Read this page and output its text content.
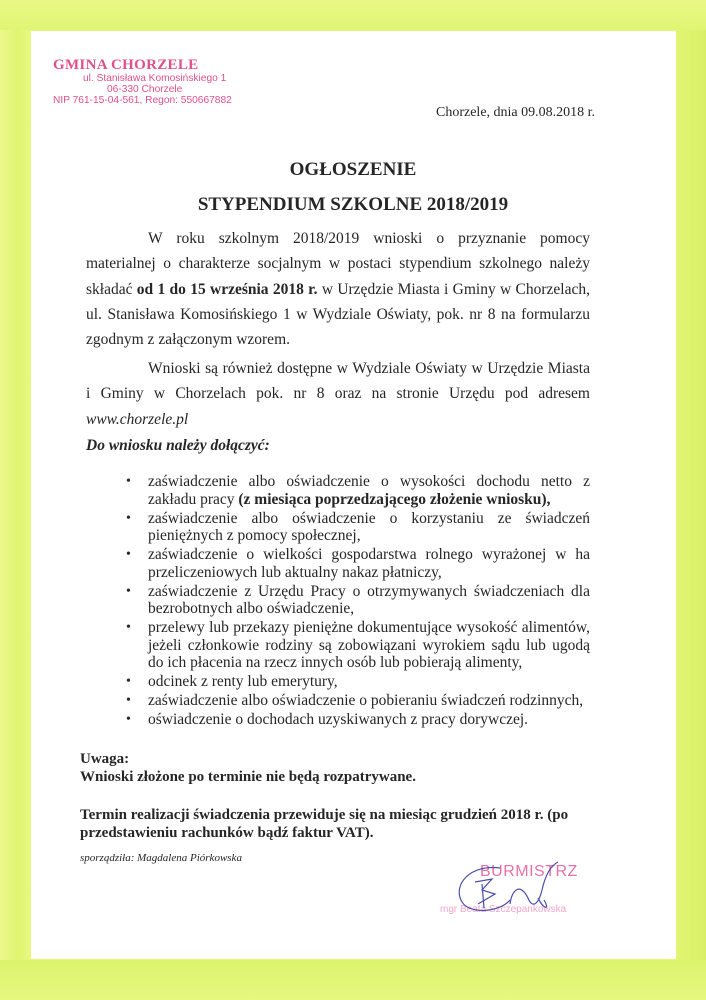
GMINA CHORZELE
ul. Stanisława Komosińskiego 1
06-330 Chorzele
NIP 761-15-04-561, Regon: 550667882
Chorzele, dnia 09.08.2018 r.
OGŁOSZENIE
STYPENDIUM SZKOLNE 2018/2019
W roku szkolnym 2018/2019 wnioski o przyznanie pomocy materialnej o charakterze socjalnym w postaci stypendium szkolnego należy składać od 1 do 15 września 2018 r. w Urzędzie Miasta i Gminy w Chorzelach, ul. Stanisława Komosińskiego 1 w Wydziale Oświaty, pok. nr 8 na formularzu zgodnym z załączonym wzorem.
Wnioski są również dostępne w Wydziale Oświaty w Urzędzie Miasta i Gminy w Chorzelach pok. nr 8 oraz na stronie Urzędu pod adresem www.chorzele.pl
Do wniosku należy dołączyć:
• zaświadczenie albo oświadczenie o wysokości dochodu netto z zakładu pracy (z miesiąca poprzedzającego złożenie wniosku),
• zaświadczenie albo oświadczenie o korzystaniu ze świadczeń pieniężnych z pomocy społecznej,
• zaświadczenie o wielkości gospodarstwa rolnego wyrażonej w ha przeliczeniowych lub aktualny nakaz płatniczy,
• zaświadczenie z Urzędu Pracy o otrzymywanych świadczeniach dla bezrobotnych albo oświadczenie,
• przelewy lub przekazy pieniężne dokumentujące wysokość alimentów, jeżeli członkowie rodziny są zobowiązani wyrokiem sądu lub ugodą do ich płacenia na rzecz innych osób lub pobierają alimenty,
• odcinek z renty lub emerytury,
• zaświadczenie albo oświadczenie o pobieraniu świadczeń rodzinnych,
• oświadczenie o dochodach uzyskiwanych z pracy dorywczej.
Uwaga:
Wnioski złożone po terminie nie będą rozpatrywane.
Termin realizacji świadczenia przewiduje się na miesiąc grudzień 2018 r. (po przedstawieniu rachunków bądź faktur VAT).
sporządziła: Magdalena Piórkowska
BURMISTRZ
mgr Beata Szczepankowska
